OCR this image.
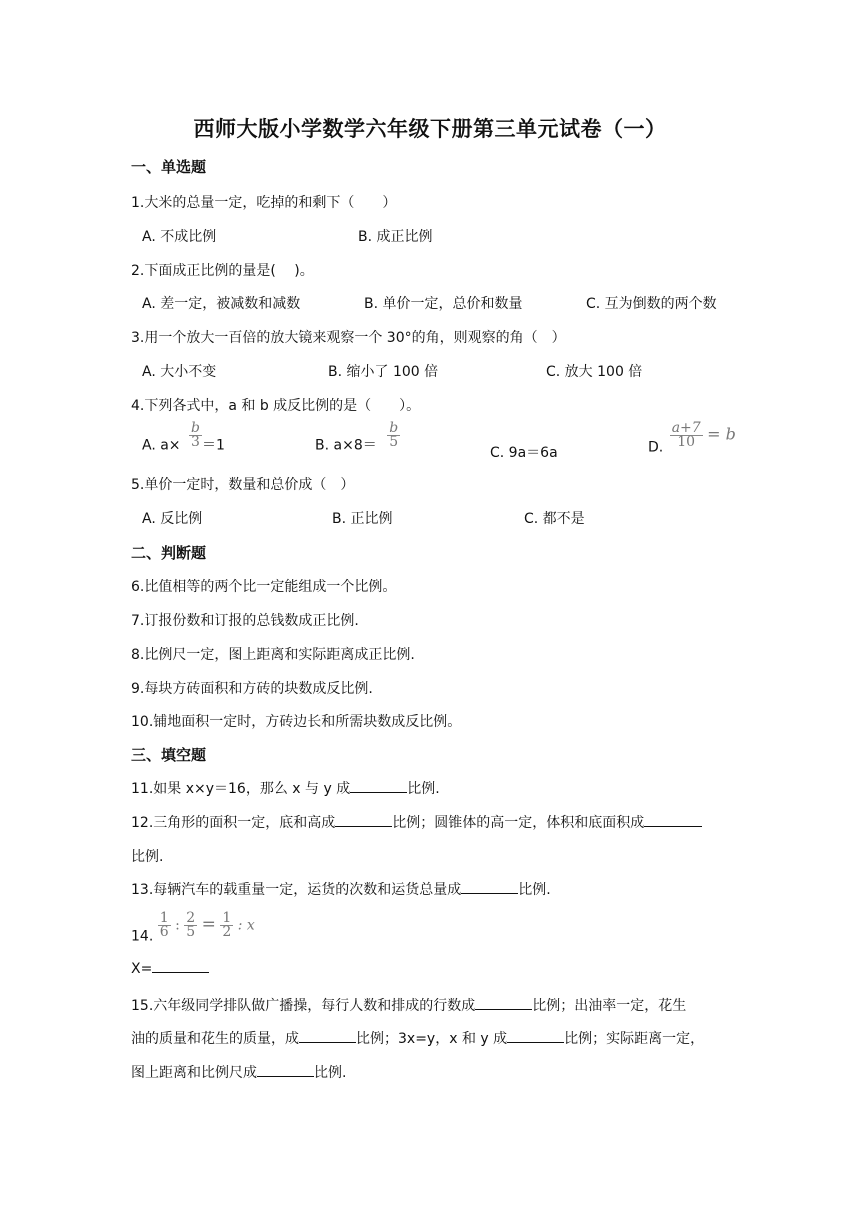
西师大版小学数学六年级下册第三单元试卷（一）
一、单选题
1.大米的总量一定，吃掉的和剩下（　　）
A. 不成比例	B. 成正比例
2.下面成正比例的量是(　 )。
A. 差一定，被减数和减数	B. 单价一定，总价和数量	C. 互为倒数的两个数
3.用一个放大一百倍的放大镜来观察一个 30°的角，则观察的角（　）
A. 大小不变	B. 缩小了 100 倍	C. 放大 100 倍
4.下列各式中，a 和 b 成反比例的是（　　）。
A. $a\times \frac{b}{3} =1$	B. $a\times 8= \frac{b}{5}$
C. 9a＝6a	D. $\frac{a+7}{10} = b$
5.单价一定时，数量和总价成（　）
A. 反比例	B. 正比例	C. 都不是
二、判断题
6.比值相等的两个比一定能组成一个比例。
7.订报份数和订报的总钱数成正比例.
8.比例尺一定，图上距离和实际距离成正比例.
9.每块方砖面积和方砖的块数成反比例.
10.铺地面积一定时，方砖边长和所需块数成反比例。
三、填空题
11.如果 x×y＝16，那么 x 与 y 成	比例.
12.三角形的面积一定，底和高成	比例；圆锥体的高一定，体积和底面积成
比例.
13.每辆汽车的载重量一定，运货的次数和运货总量成	比例.
14. $\frac{1}{6}$ : $\frac{2}{5} = \frac{1}{2}$ : x
X=
15.六年级同学排队做广播操，每行人数和排成的行数成	比例；出油率一定，花生
油的质量和花生的质量，成	比例；3x=y，x 和 y 成	比例；实际距离一定，
图上距离和比例尺成	比例.
